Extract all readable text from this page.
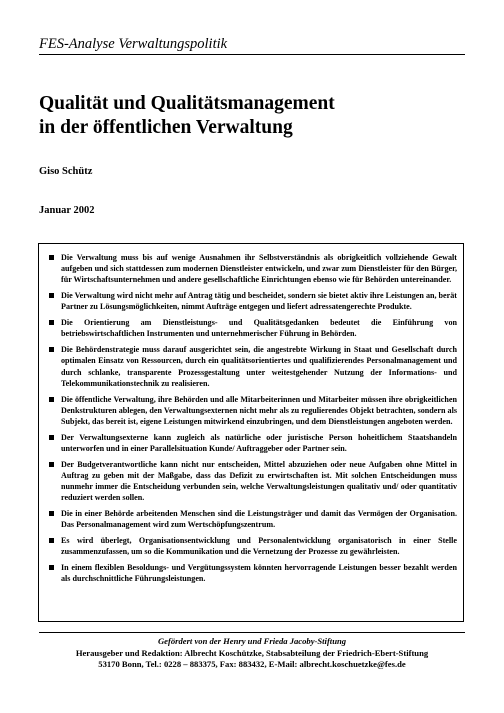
FES-Analyse Verwaltungspolitik
Qualität und Qualitätsmanagement
in der öffentlichen Verwaltung
Giso Schütz
Januar 2002
Die Verwaltung muss bis auf wenige Ausnahmen ihr Selbstverständnis als obrigkeitlich vollziehende Gewalt aufgeben und sich stattdessen zum modernen Dienstleister entwickeln, und zwar zum Dienstleister für den Bürger, für Wirtschaftsunternehmen und andere gesellschaftliche Einrichtungen ebenso wie für Behörden untereinander.
Die Verwaltung wird nicht mehr auf Antrag tätig und bescheidet, sondern sie bietet aktiv ihre Leistungen an, berät Partner zu Lösungsmöglichkeiten, nimmt Aufträge entgegen und liefert adressatengerechte Produkte.
Die Orientierung am Dienstleistungs- und Qualitätsgedanken bedeutet die Einführung von betriebswirtschaftlichen Instrumenten und unternehmerischer Führung in Behörden.
Die Behördenstrategie muss darauf ausgerichtet sein, die angestrebte Wirkung in Staat und Gesellschaft durch optimalen Einsatz von Ressourcen, durch ein qualitätsorientiertes und qualifizierendes Personalmanagement und durch schlanke, transparente Prozessgestaltung unter weitestgehender Nutzung der Informations- und Telekommunikationstechnik zu realisieren.
Die öffentliche Verwaltung, ihre Behörden und alle Mitarbeiterinnen und Mitarbeiter müssen ihre obrigkeitlichen Denkstrukturen ablegen, den Verwaltungsexternen nicht mehr als zu regulierendes Objekt betrachten, sondern als Subjekt, das bereit ist, eigene Leistungen mitwirkend einzubringen, und dem Dienstleistungen angeboten werden.
Der Verwaltungsexterne kann zugleich als natürliche oder juristische Person hoheitlichem Staatshandeln unterworfen und in einer Parallelsituation Kunde/ Auftraggeber oder Partner sein.
Der Budgetverantwortliche kann nicht nur entscheiden, Mittel abzuziehen oder neue Aufgaben ohne Mittel in Auftrag zu geben mit der Maßgabe, dass das Defizit zu erwirtschaften ist. Mit solchen Entscheidungen muss nunmehr immer die Entscheidung verbunden sein, welche Verwaltungsleistungen qualitativ und/ oder quantitativ reduziert werden sollen.
Die in einer Behörde arbeitenden Menschen sind die Leistungsträger und damit das Vermögen der Organisation. Das Personalmanagement wird zum Wertschöpfungszentrum.
Es wird überlegt, Organisationsentwicklung und Personalentwicklung organisatorisch in einer Stelle zusammenzufassen, um so die Kommunikation und die Vernetzung der Prozesse zu gewährleisten.
In einem flexiblen Besoldungs- und Vergütungssystem könnten hervorragende Leistungen besser bezahlt werden als durchschnittliche Führungsleistungen.
Gefördert von der Henry und Frieda Jacoby-Stiftung
Herausgeber und Redaktion: Albrecht Koschützke, Stabsabteilung der Friedrich-Ebert-Stiftung
53170 Bonn, Tel.: 0228 – 883375, Fax: 883432, E-Mail: albrecht.koschuetzke@fes.de
